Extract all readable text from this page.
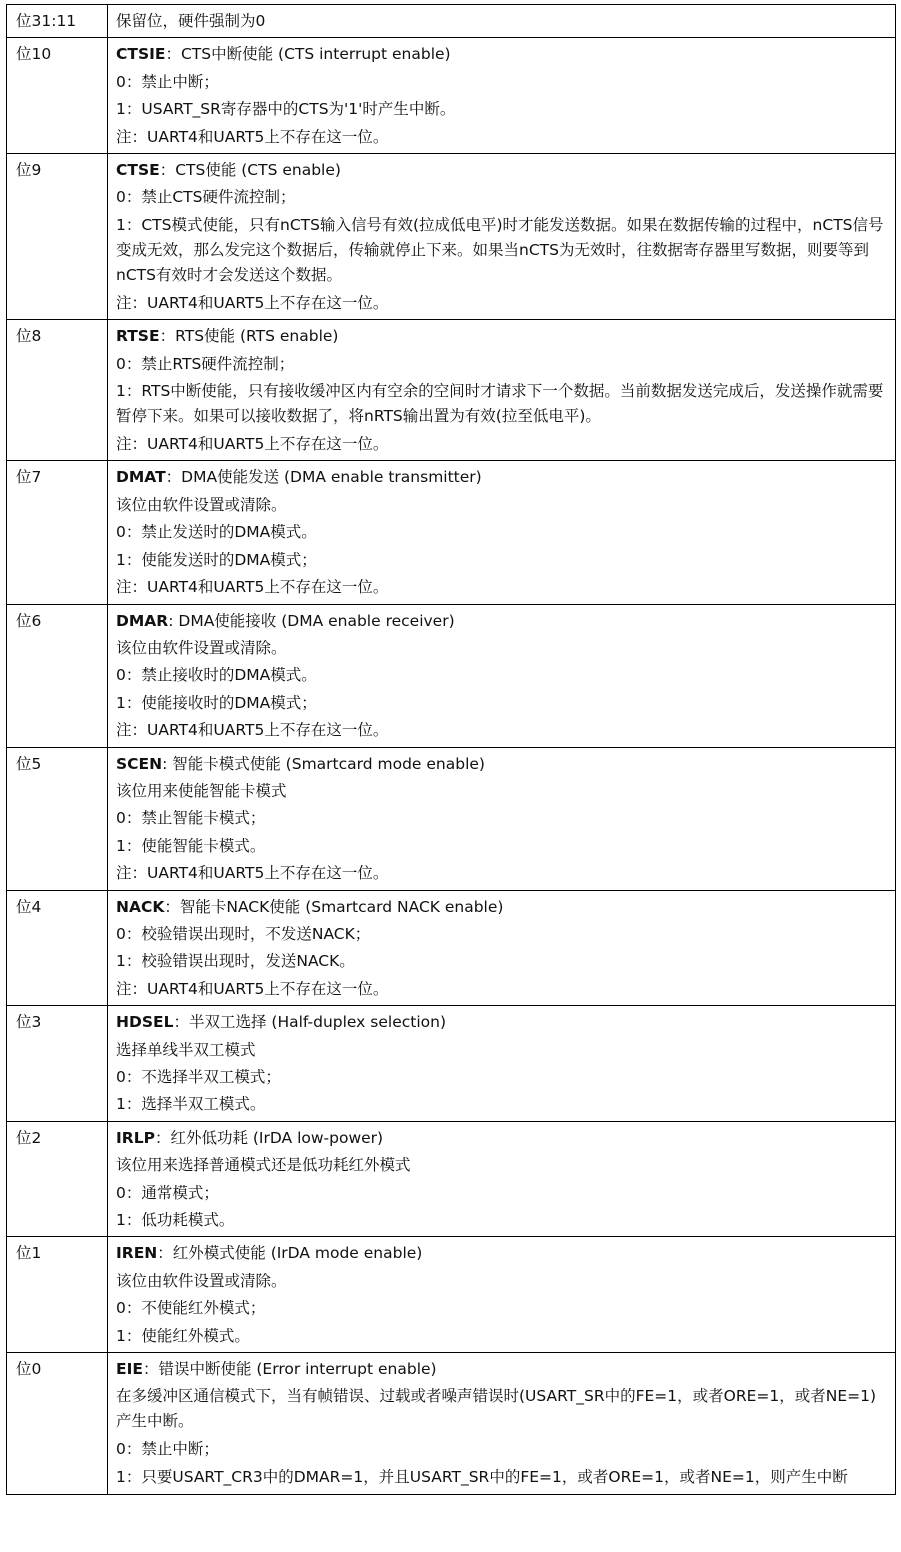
位31:11	保留位，硬件强制为0

位10	CTSIE：CTS中断使能 (CTS interrupt enable)
0：禁止中断；
1：USART_SR寄存器中的CTS为'1'时产生中断。
注：UART4和UART5上不存在这一位。

位9	CTSE：CTS使能 (CTS enable)
0：禁止CTS硬件流控制；
1：CTS模式使能，只有nCTS输入信号有效(拉成低电平)时才能发送数据。如果在数据传输的过程中，nCTS信号变成无效，那么发完这个数据后，传输就停止下来。如果当nCTS为无效时，往数据寄存器里写数据，则要等到nCTS有效时才会发送这个数据。
注：UART4和UART5上不存在这一位。

位8	RTSE：RTS使能 (RTS enable)
0：禁止RTS硬件流控制；
1：RTS中断使能，只有接收缓冲区内有空余的空间时才请求下一个数据。当前数据发送完成后，发送操作就需要暂停下来。如果可以接收数据了，将nRTS输出置为有效(拉至低电平)。
注：UART4和UART5上不存在这一位。

位7	DMAT：DMA使能发送 (DMA enable transmitter)
该位由软件设置或清除。
0：禁止发送时的DMA模式。
1：使能发送时的DMA模式；
注：UART4和UART5上不存在这一位。

位6	DMAR: DMA使能接收 (DMA enable receiver)
该位由软件设置或清除。
0：禁止接收时的DMA模式。
1：使能接收时的DMA模式；
注：UART4和UART5上不存在这一位。

位5	SCEN: 智能卡模式使能 (Smartcard mode enable)
该位用来使能智能卡模式
0：禁止智能卡模式；
1：使能智能卡模式。
注：UART4和UART5上不存在这一位。

位4	NACK：智能卡NACK使能 (Smartcard NACK enable)
0：校验错误出现时，不发送NACK；
1：校验错误出现时，发送NACK。
注：UART4和UART5上不存在这一位。

位3	HDSEL：半双工选择 (Half-duplex selection)
选择单线半双工模式
0：不选择半双工模式；
1：选择半双工模式。

位2	IRLP：红外低功耗 (IrDA low-power)
该位用来选择普通模式还是低功耗红外模式
0：通常模式；
1：低功耗模式。

位1	IREN：红外模式使能 (IrDA mode enable)
该位由软件设置或清除。
0：不使能红外模式；
1：使能红外模式。

位0	EIE：错误中断使能 (Error interrupt enable)
在多缓冲区通信模式下，当有帧错误、过载或者噪声错误时(USART_SR中的FE=1，或者ORE=1，或者NE=1)产生中断。
0：禁止中断；
1：只要USART_CR3中的DMAR=1，并且USART_SR中的FE=1，或者ORE=1，或者NE=1，则产生中断
